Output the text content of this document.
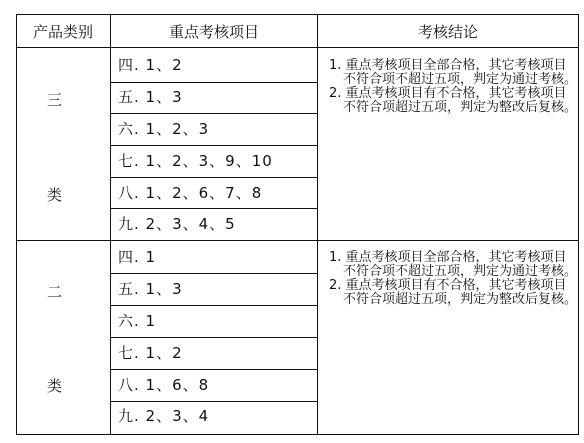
产品类别	重点考核项目	考核结论
三
类
四. 1、2
五. 1、3
六. 1、2、3
七. 1、2、3、9、10
八. 1、2、6、7、8
九. 2、3、4、5

1. 重点考核项目全部合格，其它考核项目不符合项不超过五项，判定为通过考核。

2. 重点考核项目有不合格，其它考核项目不符合项超过五项，判定为整改后复核。

二
类
四. 1
五. 1、3
六. 1
七. 1、2
八. 1、6、8
九. 2、3、4

1. 重点考核项目全部合格，其它考核项目不符合项不超过五项，判定为通过考核。

2. 重点考核项目有不合格，其它考核项目不符合项超过五项，判定为整改后复核。
